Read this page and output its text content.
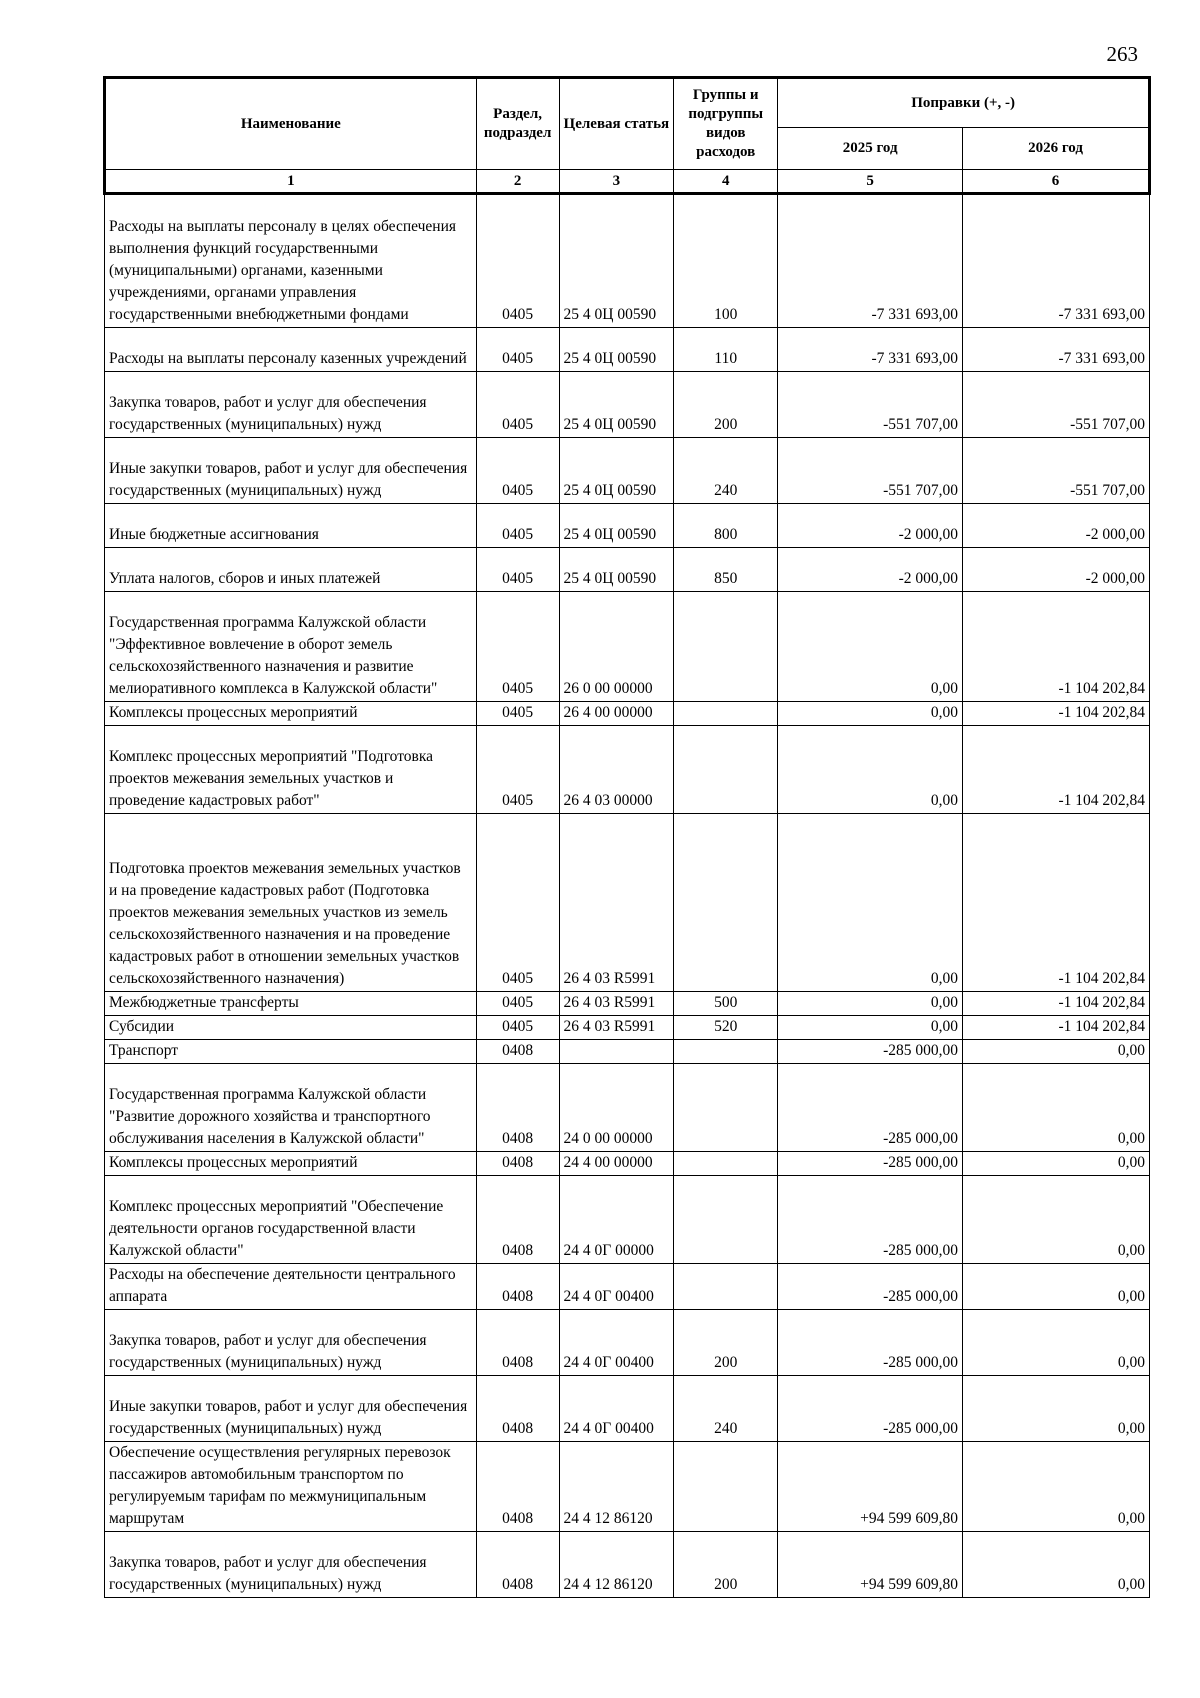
263
Наименование	Раздел, подраздел	Целевая статья	Группы и подгруппы видов расходов	Поправки (+, -)	
				2025 год	2026 год
1	2	3	4	5	6
Расходы на выплаты персоналу в целях обеспечения выполнения функций государственными (муниципальными) органами, казенными учреждениями, органами управления государственными внебюджетными фондами	0405	25 4 0Ц 00590	100	-7 331 693,00	-7 331 693,00
Расходы на выплаты персоналу казенных учреждений	0405	25 4 0Ц 00590	110	-7 331 693,00	-7 331 693,00
Закупка товаров, работ и услуг для обеспечения государственных (муниципальных) нужд	0405	25 4 0Ц 00590	200	-551 707,00	-551 707,00
Иные закупки товаров, работ и услуг для обеспечения государственных (муниципальных) нужд	0405	25 4 0Ц 00590	240	-551 707,00	-551 707,00
Иные бюджетные ассигнования	0405	25 4 0Ц 00590	800	-2 000,00	-2 000,00
Уплата налогов, сборов и иных платежей	0405	25 4 0Ц 00590	850	-2 000,00	-2 000,00
Государственная программа Калужской области "Эффективное вовлечение в оборот земель сельскохозяйственного назначения и развитие мелиоративного комплекса в Калужской области"	0405	26 0 00 00000		0,00	-1 104 202,84
Комплексы процессных мероприятий	0405	26 4 00 00000		0,00	-1 104 202,84
Комплекс процессных мероприятий "Подготовка проектов межевания земельных участков и проведение кадастровых работ"	0405	26 4 03 00000		0,00	-1 104 202,84
Подготовка проектов межевания земельных участков и на проведение кадастровых работ (Подготовка проектов межевания земельных участков из земель сельскохозяйственного назначения и на проведение кадастровых работ в отношении земельных участков сельскохозяйственного назначения)	0405	26 4 03 R5991		0,00	-1 104 202,84
Межбюджетные трансферты	0405	26 4 03 R5991	500	0,00	-1 104 202,84
Субсидии	0405	26 4 03 R5991	520	0,00	-1 104 202,84
Транспорт	0408			-285 000,00	0,00
Государственная программа Калужской области "Развитие дорожного хозяйства и транспортного обслуживания населения в Калужской области"	0408	24 0 00 00000		-285 000,00	0,00
Комплексы процессных мероприятий	0408	24 4 00 00000		-285 000,00	0,00
Комплекс процессных мероприятий "Обеспечение деятельности органов государственной власти Калужской области"	0408	24 4 0Г 00000		-285 000,00	0,00
Расходы на обеспечение деятельности центрального аппарата	0408	24 4 0Г 00400		-285 000,00	0,00
Закупка товаров, работ и услуг для обеспечения государственных (муниципальных) нужд	0408	24 4 0Г 00400	200	-285 000,00	0,00
Иные закупки товаров, работ и услуг для обеспечения государственных (муниципальных) нужд	0408	24 4 0Г 00400	240	-285 000,00	0,00
Обеспечение осуществления регулярных перевозок пассажиров автомобильным транспортом по регулируемым тарифам по межмуниципальным маршрутам	0408	24 4 12 86120		+94 599 609,80	0,00
Закупка товаров, работ и услуг для обеспечения государственных (муниципальных) нужд	0408	24 4 12 86120	200	+94 599 609,80	0,00
